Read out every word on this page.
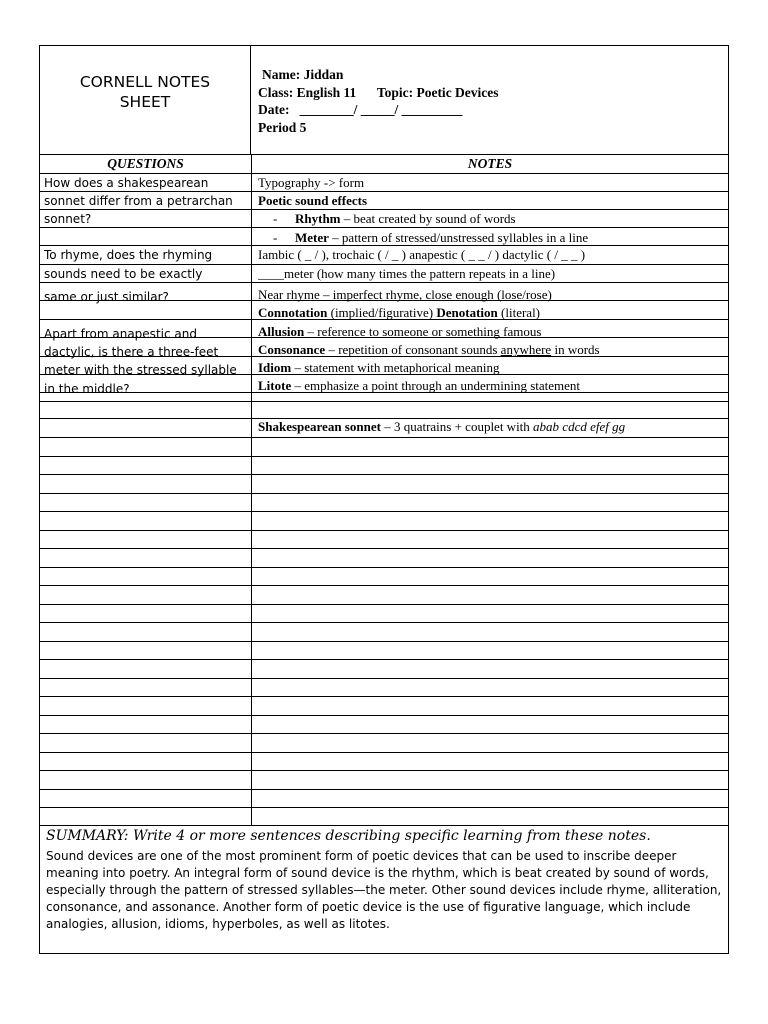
CORNELL NOTES
SHEET
Name: Jiddan
Class: English 11 Topic: Poetic Devices
Date:   ________/ _____/ _________
Period 5
QUESTIONS	NOTES
How does a shakespearean
sonnet differ from a petrarchan
sonnet?
To rhyme, does the rhyming
sounds need to be exactly
same or just similar?
Apart from anapestic and
dactylic, is there a three-feet
meter with the stressed syllable
in the middle?
Typography -> form
Poetic sound effects
- Rhythm – beat created by sound of words
- Meter – pattern of stressed/unstressed syllables in a line
Iambic ( _ / ), trochaic ( / _ ) anapestic ( _ _ / ) dactylic ( / _ _ )
____meter (how many times the pattern repeats in a line)
Near rhyme – imperfect rhyme, close enough (lose/rose)
Connotation (implied/figurative) Denotation (literal)
Allusion – reference to someone or something famous
Consonance – repetition of consonant sounds anywhere in words
Idiom – statement with metaphorical meaning
Litote – emphasize a point through an undermining statement
Shakespearean sonnet – 3 quatrains + couplet with abab cdcd efef gg
SUMMARY: Write 4 or more sentences describing specific learning from these notes.
Sound devices are one of the most prominent form of poetic devices that can be used to inscribe deeper meaning into poetry. An integral form of sound device is the rhythm, which is beat created by sound of words, especially through the pattern of stressed syllables—the meter. Other sound devices include rhyme, alliteration, consonance, and assonance. Another form of poetic device is the use of figurative language, which include analogies, allusion, idioms, hyperboles, as well as litotes.
